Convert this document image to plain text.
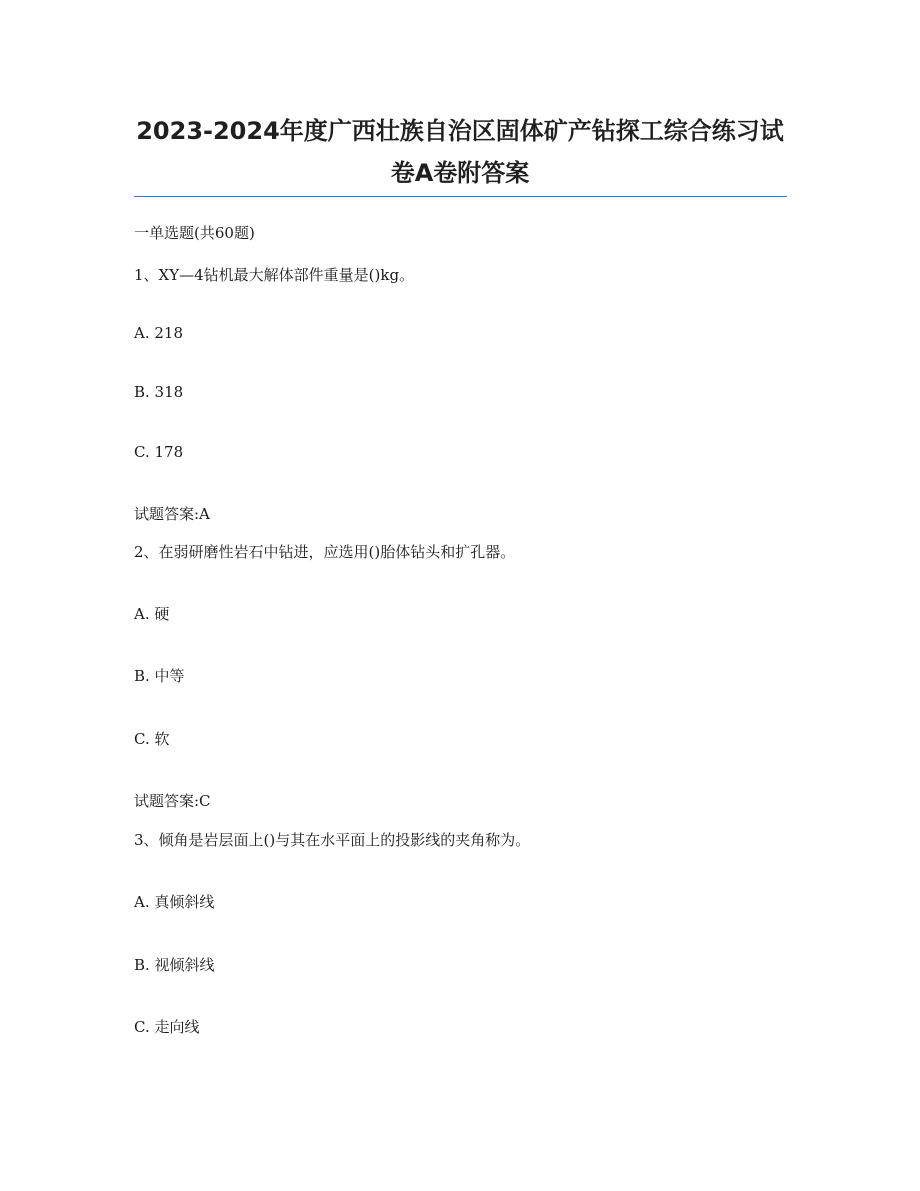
2023-2024年度广西壮族自治区固体矿产钻探工综合练习试
卷A卷附答案
一单选题(共60题)
1、XY—4钻机最大解体部件重量是()kg。
A. 218
B. 318
C. 178
试题答案:A
2、在弱研磨性岩石中钻进，应选用()胎体钻头和扩孔器。
A. 硬
B. 中等
C. 软
试题答案:C
3、倾角是岩层面上()与其在水平面上的投影线的夹角称为。
A. 真倾斜线
B. 视倾斜线
C. 走向线
